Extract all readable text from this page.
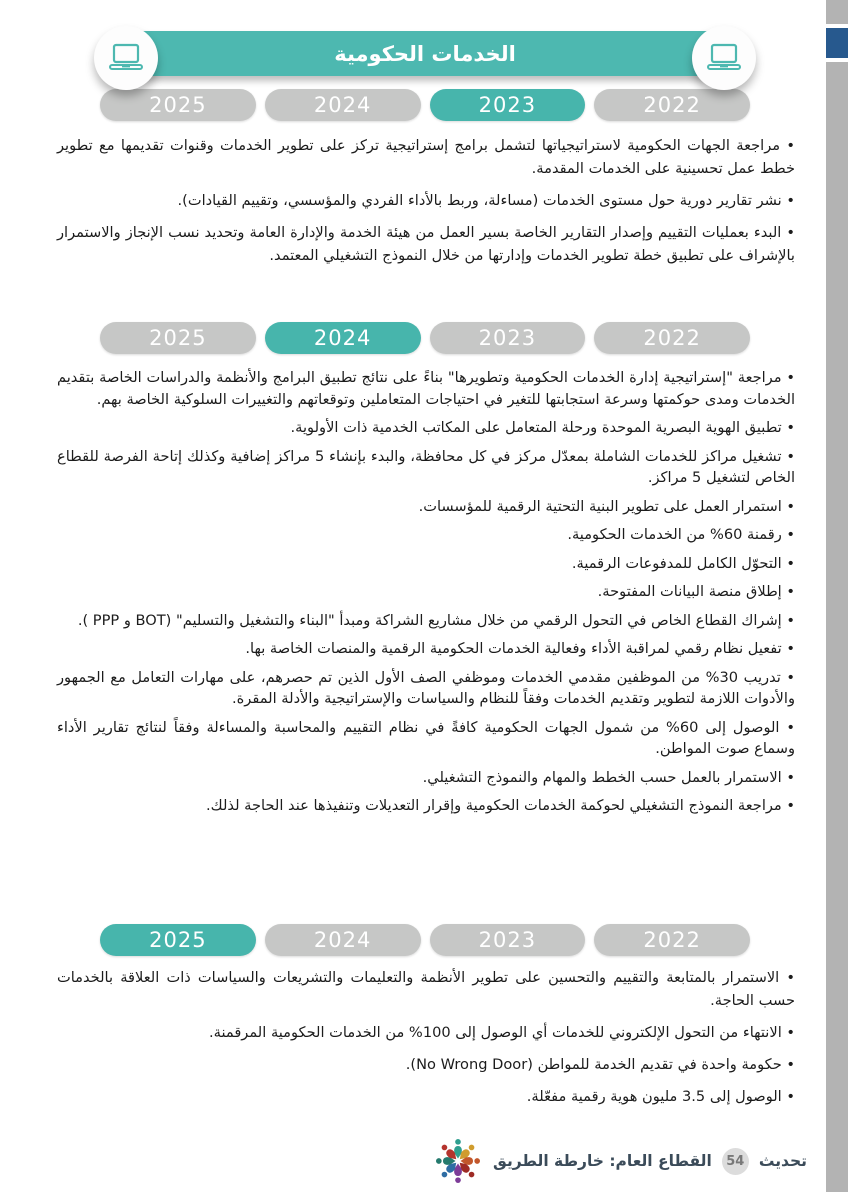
الخدمات الحكومية
2025	2024	2023	2022
• مراجعة الجهات الحكومية لاستراتيجياتها لتشمل برامج إستراتيجية تركز على تطوير الخدمات وقنوات تقديمها مع تطوير خطط عمل تحسينية على الخدمات المقدمة.
• نشر تقارير دورية حول مستوى الخدمات (مساءلة، وربط بالأداء الفردي والمؤسسي، وتقييم القيادات).
• البدء بعمليات التقييم وإصدار التقارير الخاصة بسير العمل من هيئة الخدمة والإدارة العامة وتحديد نسب الإنجاز والاستمرار بالإشراف على تطبيق خطة تطوير الخدمات وإدارتها من خلال النموذج التشغيلي المعتمد.
2025	2024	2023	2022
• مراجعة "إستراتيجية إدارة الخدمات الحكومية وتطويرها" بناءً على نتائج تطبيق البرامج والأنظمة والدراسات الخاصة بتقديم الخدمات ومدى حوكمتها وسرعة استجابتها للتغير في احتياجات المتعاملين وتوقعاتهم والتغييرات السلوكية الخاصة بهم.
• تطبيق الهوية البصرية الموحدة ورحلة المتعامل على المكاتب الخدمية ذات الأولوية.
• تشغيل مراكز للخدمات الشاملة بمعدّل مركز في كل محافظة، والبدء بإنشاء 5 مراكز إضافية وكذلك إتاحة الفرصة للقطاع الخاص لتشغيل 5 مراكز.
• استمرار العمل على تطوير البنية التحتية الرقمية للمؤسسات.
• رقمنة 60% من الخدمات الحكومية.
• التحوّل الكامل للمدفوعات الرقمية.
• إطلاق منصة البيانات المفتوحة.
• إشراك القطاع الخاص في التحول الرقمي من خلال مشاريع الشراكة ومبدأ "البناء والتشغيل والتسليم" ⁦( PPP و BOT)⁩.
• تفعيل نظام رقمي لمراقبة الأداء وفعالية الخدمات الحكومية الرقمية والمنصات الخاصة بها.
• تدريب 30% من الموظفين مقدمي الخدمات وموظفي الصف الأول الذين تم حصرهم، على مهارات التعامل مع الجمهور والأدوات اللازمة لتطوير وتقديم الخدمات وفقاً للنظام والسياسات والإستراتيجية والأدلة المقرة.
• الوصول إلى 60% من شمول الجهات الحكومية كافةً في نظام التقييم والمحاسبة والمساءلة وفقاً لنتائج تقارير الأداء وسماع صوت المواطن.
• الاستمرار بالعمل حسب الخطط والمهام والنموذج التشغيلي.
• مراجعة النموذج التشغيلي لحوكمة الخدمات الحكومية وإقرار التعديلات وتنفيذها عند الحاجة لذلك.
2025	2024	2023	2022
• الاستمرار بالمتابعة والتقييم والتحسين على تطوير الأنظمة والتعليمات والتشريعات والسياسات ذات العلاقة بالخدمات حسب الحاجة.
• الانتهاء من التحول الإلكتروني للخدمات أي الوصول إلى 100% من الخدمات الحكومية المرقمنة.
• حكومة واحدة في تقديم الخدمة للمواطن ⁦(No Wrong Door)⁩.
• الوصول إلى 3.5 مليون هوية رقمية مفعّلة.
تحديث
54
القطاع العام: خارطة الطريق
